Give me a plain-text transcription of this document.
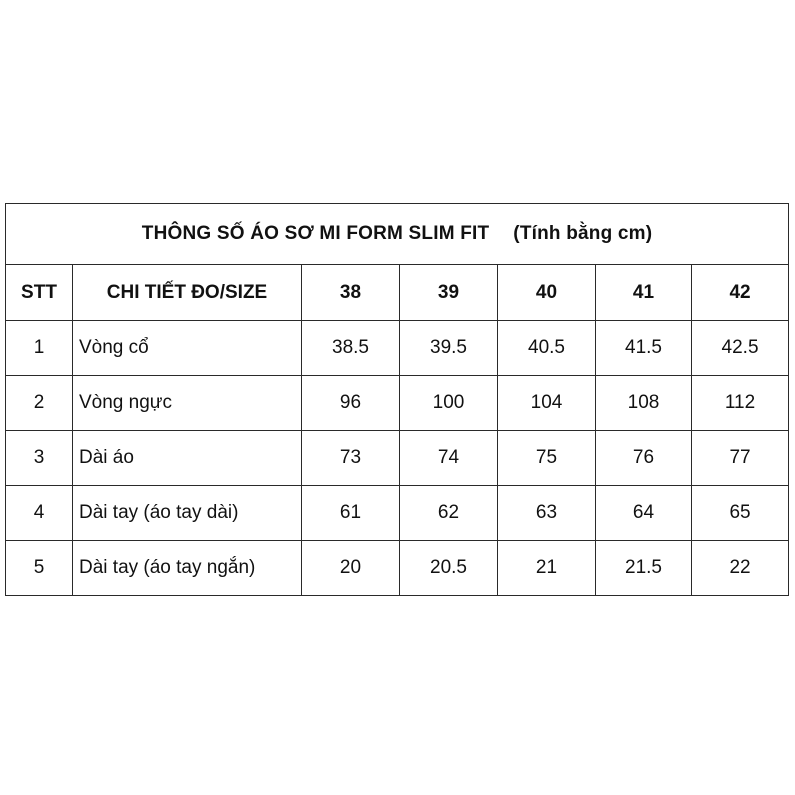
THÔNG SỐ ÁO SƠ MI FORM SLIM FIT (Tính bằng cm)						
STT	CHI TIẾT ĐO/SIZE	38	39	40	41	42
1	Vòng cổ	38.5	39.5	40.5	41.5	42.5
2	Vòng ngực	96	100	104	108	112
3	Dài áo	73	74	75	76	77
4	Dài tay (áo tay dài)	61	62	63	64	65
5	Dài tay (áo tay ngắn)	20	20.5	21	21.5	22
